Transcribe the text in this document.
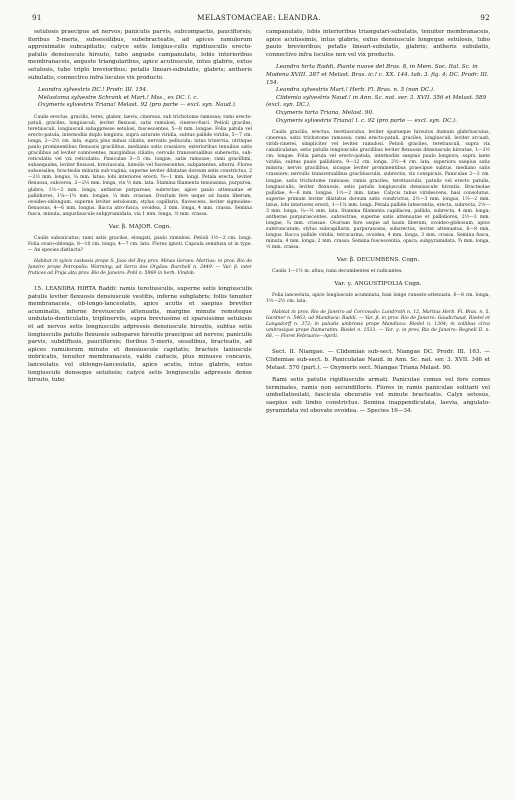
91	MELASTOMACEAE: LEANDRA.	92

setulosis praecipue ad nervos; paniculis parvis, subcompactis, pauciflorsis; floribus 5-meris, subsessilibus, subebracteatis, ad apices ramulorum approximatis subcapitatis; calyce setis longius-culis rigidiusculis erecto-patulis densiuscule hirsuto, tubo anguste campanulato, lobis interioribus membranaceis, anguste triangularibus, apice acutiuscule, intus glabris, extus setulosis, tubo triplo brevioribus; petalis lineari-subulatis, glabris; antheris subulatis, connectivo infra loculos vix producto.

Leandra sylvestris DC.! Prodr. III. 154.

Melastoma sylvestre Schrank et Mart.! Mss., ex DC. l. c.

Oxymeris sylvestris Triana! Melast. 92 (pro parte — excl. syn. Naud.).

Caulis erectus, gracilis, teres, glaber, laevis, cinereus, sub trichotome ramosus; rami erecto-patuli, graciles, longiusculi, leviter flexuosi, satis ramulosi, cinereo-fusci. Petioli graciles, teretiusculi, longiusculi subappresse setulosi, fuscescentes, 5—8 mm. longae. Folia patula vel erecto-patula, internodiis duplo longiora, supra saturate viridia, subtus pallide viridia, 5—7 cm. longa, 2—2½ cm. lata, supra plus minus ciliatis, nervatio pellucida; intus trinervia, utrinque paulo prominentibus flexuosis gracilibus, medianis satis crassiore; exterioribus tenuibus satis gracilibus ad leviter conniventes, marginibus ciliatis; cervulis transversalibus suberectis, sub-reticulatis vel vix reticulatis. Paniculae 3—5 cm. longae, satis ramosae; rami gracillimi, subaequales, leviter flexuosi, breviuscula, luteolis vel fuscescentes, subpatentes, alterni. Flores subsessiles, bracteolis minutis sub-vagina, superne leviter dilatatae dorsum setis constrictus, 2—2½ mm. longus, ¼ mm. latus; lobi interiores erecti, ¾—1 mm. longi. Petala erecta, leviter flexuosa, subcerea, 2—2½ mm. longa, vix ½ mm. lata. Stamina filamenta tenuissima, purpurea, glabra, 1½—2 mm. longa; antherae purpureae, subrectae, apice paulo attenuatae et pallidiores, 1¼—1½ mm. longae, ¼ mm. crassae. Ovarium fere usque ad basin liberum, ovoideo-oblongum, superne leviter setulosum; stylus capillaris, flavescens, leviter sigmoideo-flexuosus, 4—6 mm. longus. Bacca atro-fusca, ovoidea, 3 mm. longa, 4 mm. crassa. Semina fusca, minuta, angustiuscule subpyramidata, via 1 mm. longa, ½ mm. crassa.

Var. β. MAJOR. Cogn.

Caulis subsulcatus; rami satis graciles, elongati, paulo ramulosi. Petioli 1½—2 cm. longi. Folia ovato-oblonga, 8—10 cm. longa, 4—7 cm. lata. Flores ignoti. Capsula semitusa ut in type. — An species distincta?

Habitat in sylvis casbosis prope S. Joao del Rey prov. Minas Geraes: Martius; in prov. Rio de Janeiro prope Petropolis: Warming; ad Serra dos Orgãos: Burchell n. 2449. — Var. β. inter frutices ad Praja alta prov. Rio de Janeiro: Pohl n. 5969 in herb. Vindob.

15. LEANDRA HIRTA Raddi: ramis teretiusculis, superne setis longiusculis patulis leviter flexuosis densiuscule vestitis, inferne subglabris; foliis tenuiter membranaceis, ob-longo-lanceolatis, apice acutis et saepius breviter acuminatis, inferne breviuscule attenuatis, margine minute remoteque undulato-denticulatis, triplinerviis, supra breviusime et sparsissime setulosis et ad nervos setis longiusculis adpressis densiuscule hirsutis, subtus setis longiusculis patulis flexuosis subsparse hirsutis praecipue ad nervos; paniculis parvis, subdiffusis, pauciflorsis; floribus 5-meris, sessilibus, bracteatis, ad apices ramulorum minute et densiuscule capitatis; bracteis laxiuscule imbricatis, tenuiter membranaceis, valde caducis, plus minusve concavis, lanceolatis vel oblongo-lanceolatis, apice acutis, intus glabris, extus longiuscule denseque setulosis; calyce setis longiusculis adpressis dense hirsuto, tubo

campanulato, lobis interioribus triangulari-subulatis, tenuiter membranaceis, apice acutissimis, intus glabris, extus densiuscule longeque setulosis, tubo paulo brevioribus; petalis lineari-subulatis, glabris; antheris subulatis, connectivo infra loculos non vel vix producto.

Leandra hirta Raddi, Piante nuove del Bras. 8, in Mem. Soc. Ital. Sc. in Modena XVIII. 387 et Melast. Bras. ic.! c. XX. 144. tab. 3. fig. 4; DC. Prodr. III. 154.

Leandra sylvestris Mart.! Herb. Fl. Bras. n. 5 (non DC.).

Clidemia sylvestris Naud.! in Ann. Sc. nat. ser. 3. XVII. 356 et Melast. 589 (excl. syn. DC.).

Oxymeris hirta Triana, Melast. 90.

Oxymeris sylvestris Triana! l. c. 92 (pro parte — excl. syn. DC.).

Caulis gracilis, erectus, teretiusculus, leviter sparseque hirsutus dumum glabriusculus, cinereus, satis trichotome ramosus; rami erecto-patuli, graciles, longiusculi, leviter arcuati, viridi-cinerei, simpliciter vel leviter ramulosi. Petioli graciles, teretiusculi, supra vix canaliculatae, setis patulis longiusculis gracilibus leviter flexuosis densiuscule hirsutae, 1—1½ cm. longae. Folia patula vel erecto-patula, internodiis saepius paulo longiora, supra laete viridia, subtus paulo pallidiora, 9—12 cm. longa, 2½—4 cm. lata, superiora saepius satis minora; nervis gracilibus, sicaque leviter prominentibus praecipue subtus, mediano satis crassiore; nervulis transversalibus graciliusculis, subrectis, vix conspicuis. Paniculae 2—3 cm. longae, satis trichotome ramosae; ramis graciles, teretiusculis, patulis vel erecto patulis, longiusculis, leviter flexuosis, setis patulis longiusculis densiuscule hirsutis. Bracteolae pallidae, 4—6 mm. longae, 1½—2 mm. latae. Calycis tubus viridescens, basi consolutus, superne primum leviter dilatatus dorsum satis constrictus, 2½—3 mm. longus, 1½—2 mm. latus; lobi interiores erecti, 1—1¼ mm. longi. Petala pallide lutescentia, erecta, subrecta, 2½—3 mm. longa, ¼—½ mm. lata. Stamina filamenta capillacea, pallida, subrecta, 4 mm. longa; antherae purpurascentes, subrostrae, superne satis attenuatae et pallidiores, 2½—3 mm. longae, ¼ mm. crassae. Ovarium fere usque ad basin liberum, ovoideo-globosum, apice subtruncatum; stylus subcapillaris, purpurascens, subsrectus, leviter attenuatus, 6—8 mm. longus. Bacca pallide viridis, tetracarina, ovoidea, 4 mm. longa, 3 mm. crassa. Semina fusca, minuta, 4 mm. longa, 2 mm. crassa. Semina fuscescentia, opaca, subpyramidata, ¾ mm. longa, ½ mm. crassa.

Var. β. DECUMBENS. Cogn.

Caulis 1—1½ m. altus; rami decumbentes et radicantes.

Var. γ. ANGUSTIFOLIA Cogn.

Folia lanceolata, apice longiuscule acuminata, basi longe cuneato-attenuata, 6—8 cm. longa, 1½—2½ cm. lata.

Habitat in prov. Rio de Janeiro ad Corcovado: Lund/roth n. 12, Martius Herb. Fl. Bras. n. 5, Gardner n. 5463; ad Mandioca: Raddi. — Var. β. in prov. Rio de Janeiro: Gaudichaud, Riedel et Langsdorff n. 372; in paludis umbrosis prope Mandioca: Riedel n. 1304; in collibus circa umbrosique prope Itamaratim: Riedel n. 1533. — Var. γ. in prov. Rio de Janeiro: Regnell II. n. 68. — Floret Februario—Aprili.

Sect. II. Niangae. — Clidemiae sub-sect. Niangae DC. Prodr. III. 163. — Clidemiae sub-sect. b. Paniculatae Naud. in Ann. Sc. nat. ser. 3. XVII. 346 et Melast. 570 (part.). — Oxymeris sect. Niangae Triana Melast. 90.

Rami setis patulis rigidiusculis armati. Paniculae comes vel fere comes terminales, ramis non secundifloris. Flores in ramis paniculae solitarii vel umbellatioulati, fascicula obcuratis vel minute bracteatis. Calyx setosus, saepius sub limbo constrictus. Semina inappendiculata, laevia, angulato-pyramidata vel obovate ovoidea. — Species 16—34.
